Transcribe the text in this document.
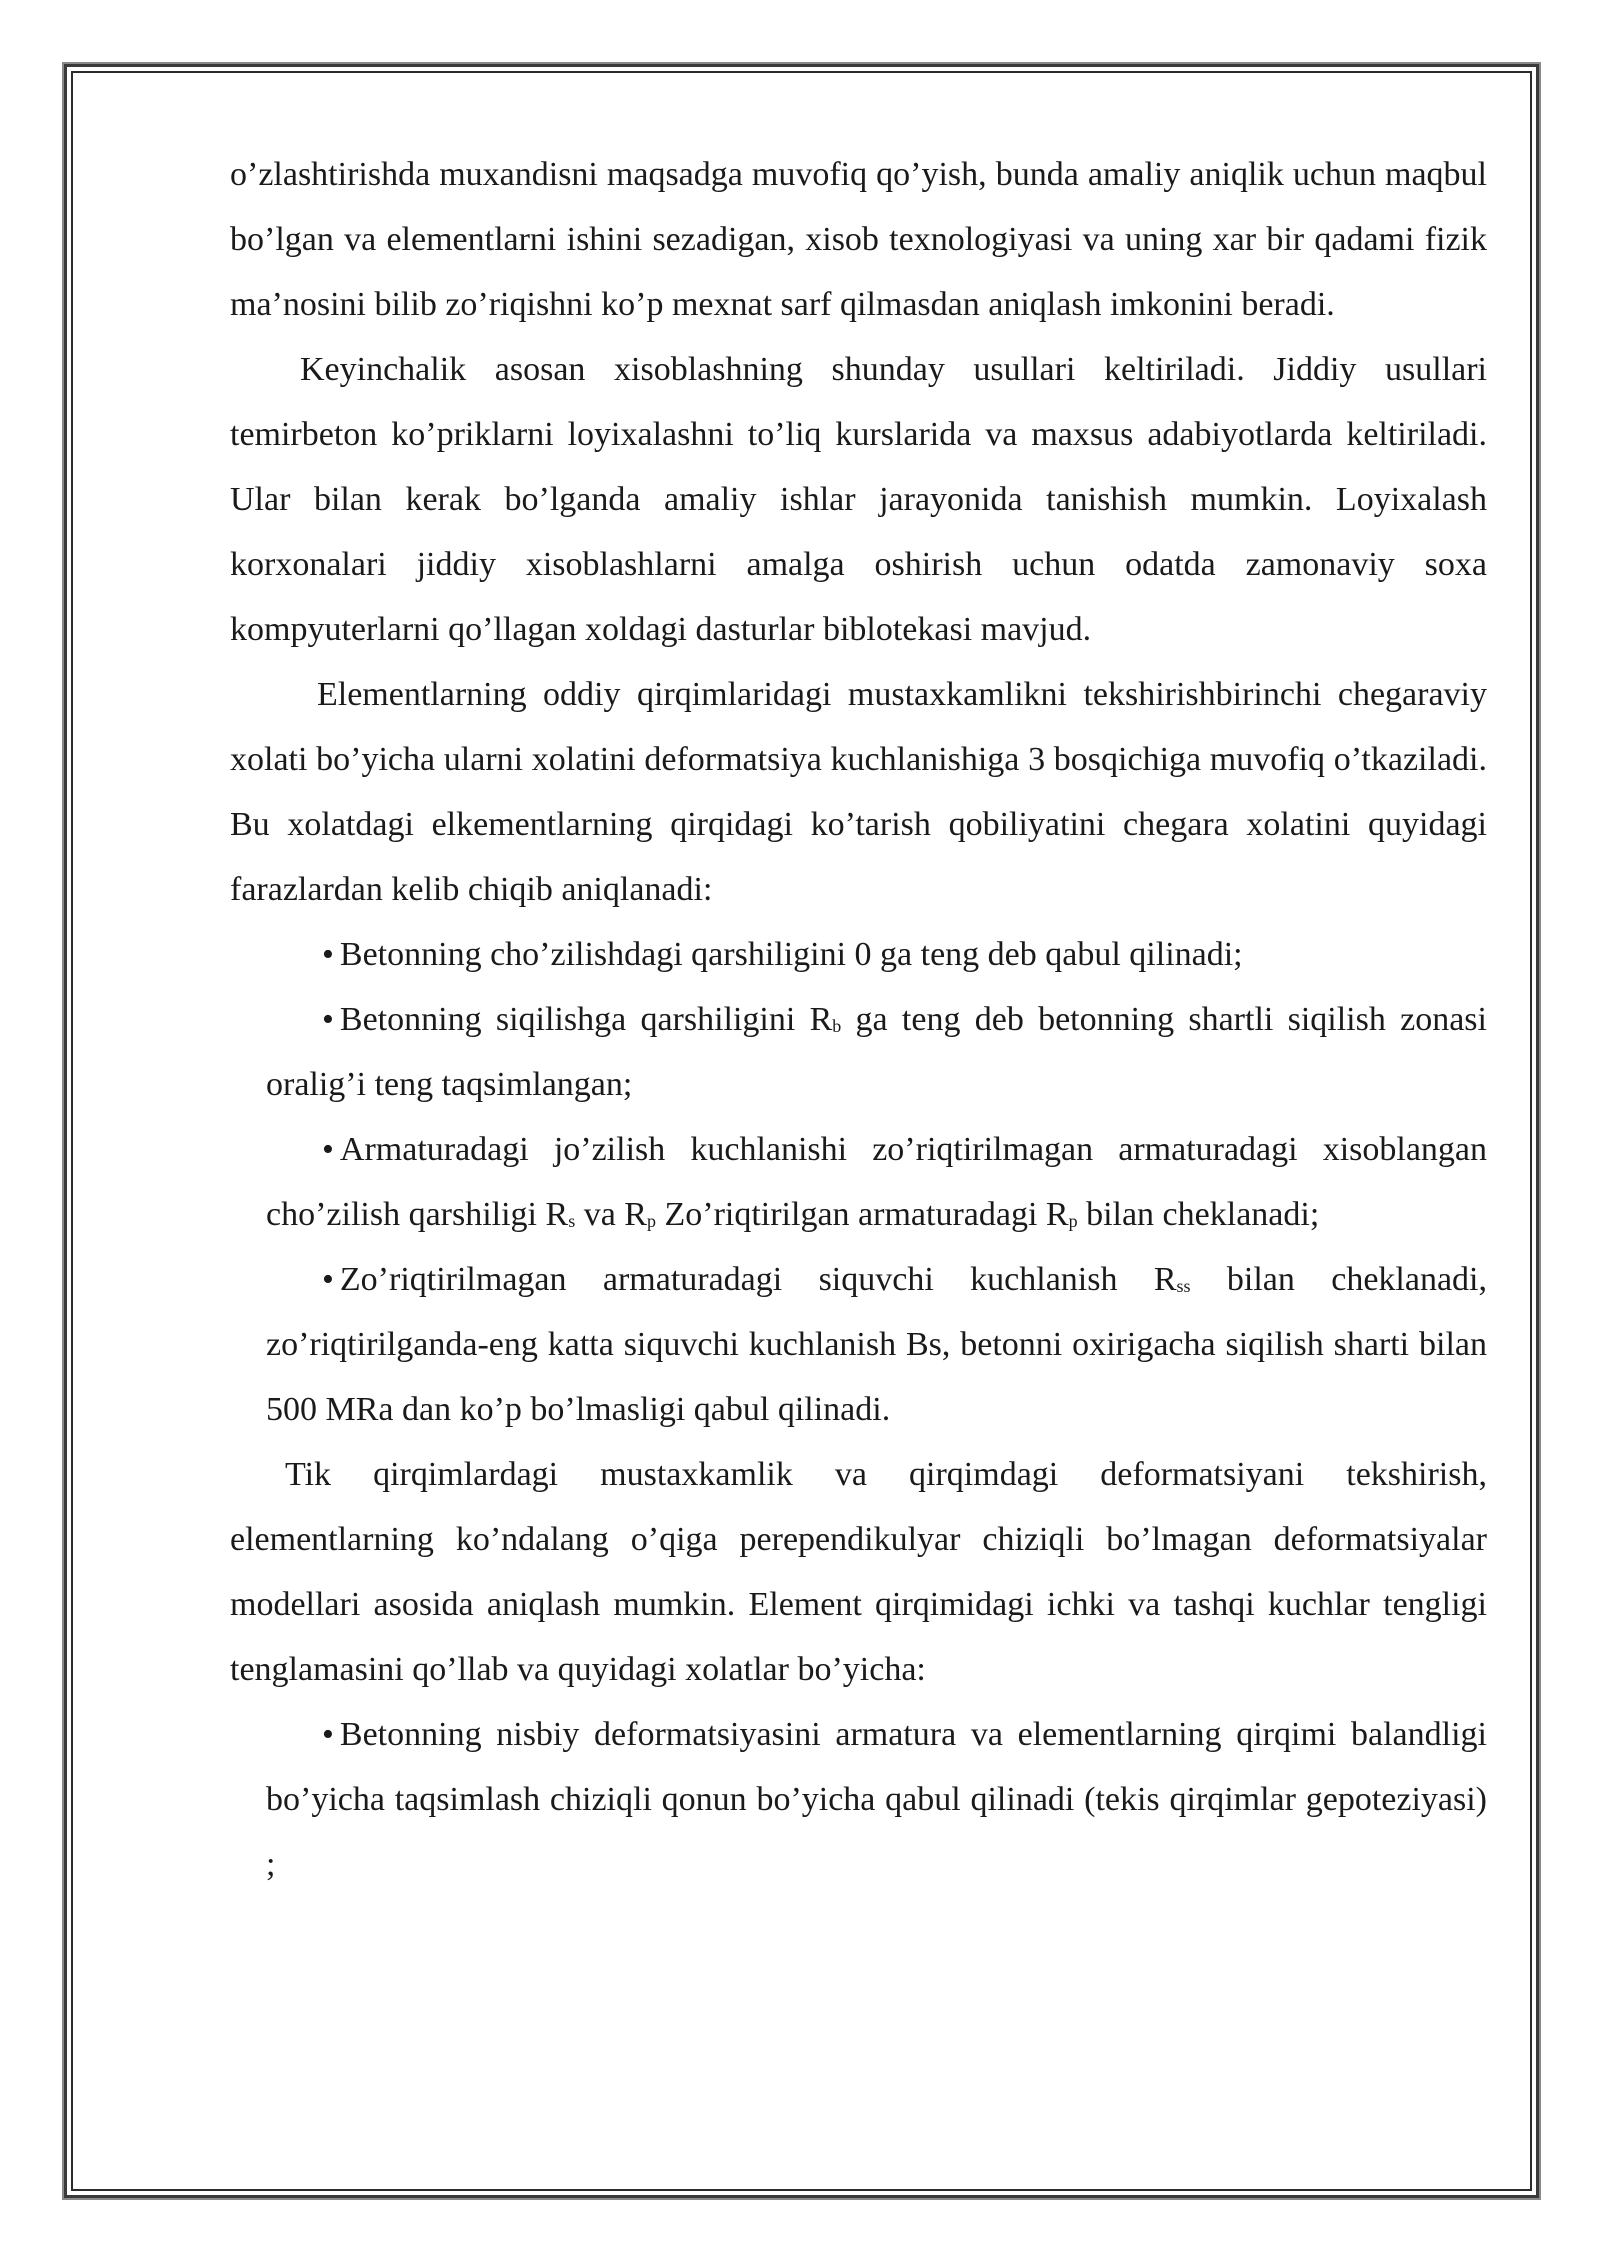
o’zlashtirishda muxandisni maqsadga muvofiq qo’yish, bunda amaliy aniqlik uchun maqbul bo’lgan va elementlarni ishini sezadigan, xisob texnologiyasi va uning xar bir qadami fizik ma’nosini bilib zo’riqishni ko’p mexnat sarf qilmasdan aniqlash imkonini beradi.

Keyinchalik asosan xisoblashning shunday usullari keltiriladi. Jiddiy usullari temirbeton ko’priklarni loyixalashni to’liq kurslarida va maxsus adabiyotlarda keltiriladi. Ular bilan kerak bo’lganda amaliy ishlar jarayonida tanishish mumkin. Loyixalash korxonalari jiddiy xisoblashlarni amalga oshirish uchun odatda zamonaviy soxa kompyuterlarni qo’llagan xoldagi dasturlar biblotekasi mavjud.

Elementlarning oddiy qirqimlaridagi mustaxkamlikni tekshirishbirinchi chegaraviy xolati bo’yicha ularni xolatini deformatsiya kuchlanishiga 3 bosqichiga muvofiq o’tkaziladi. Bu xolatdagi elkementlarning qirqidagi ko’tarish qobiliyatini chegara xolatini quyidagi farazlardan kelib chiqib aniqlanadi:

• Betonning cho’zilishdagi qarshiligini 0 ga teng deb qabul qilinadi;

• Betonning siqilishga qarshiligini $R_b$ ga teng deb betonning shartli siqilish zonasi oralig’i teng taqsimlangan;

• Armaturadagi jo’zilish kuchlanishi zo’riqtirilmagan armaturadagi xisoblangan cho’zilish qarshiligi $R_s$ va $R_p$ Zo’riqtirilgan armaturadagi $R_p$ bilan cheklanadi;

• Zo’riqtirilmagan armaturadagi siquvchi kuchlanish $R_{ss}$ bilan cheklanadi, zo’riqtirilganda-eng katta siquvchi kuchlanish Bs, betonni oxirigacha siqilish sharti bilan 500 MRa dan ko’p bo’lmasligi qabul qilinadi.

Tik qirqimlardagi mustaxkamlik va qirqimdagi deformatsiyani tekshirish, elementlarning ko’ndalang o’qiga perependikulyar chiziqli bo’lmagan deformatsiyalar modellari asosida aniqlash mumkin. Element qirqimidagi ichki va tashqi kuchlar tengligi tenglamasini qo’llab va quyidagi xolatlar bo’yicha:

• Betonning nisbiy deformatsiyasini armatura va elementlarning qirqimi balandligi bo’yicha taqsimlash chiziqli qonun bo’yicha qabul qilinadi (tekis qirqimlar gepoteziyasi) ;
